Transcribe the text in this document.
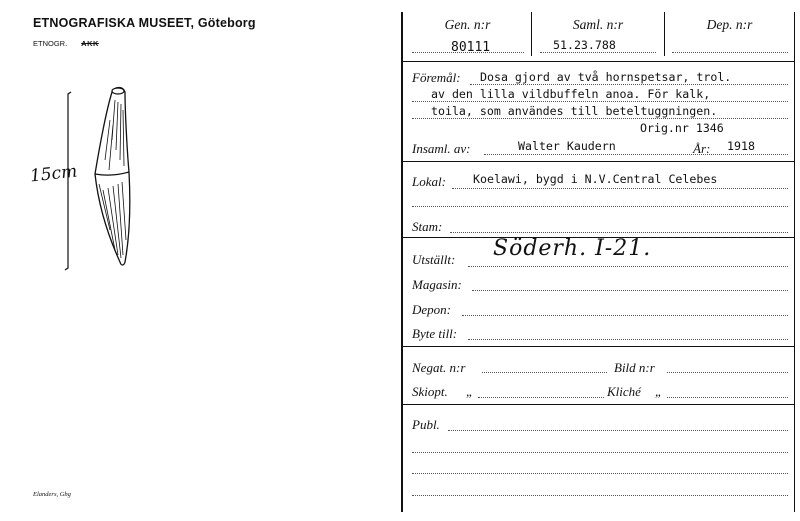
ETNOGRAFISKA MUSEET, Göteborg
ETNOGR. AKK
15cm
Elanders, Gbg
Gen. n:r	Saml. n:r	Dep. n:r
80111	51.23.788
Föremål: Dosa gjord av två hornspetsar, trol.
av den lilla vildbuffeln anoa. För kalk,
toila, som användes till beteltuggningen.
Orig.nr 1346
Insaml. av:	Walter Kaudern	År: 1918
Lokal: Koelawi, bygd i N.V.Central Celebes
Stam:
Utställt: Söderh. I-21.
Magasin:
Depon:
Byte till:
Negat. n:r	Bild n:r
Skiopt. „	Kliché „
Publ.
